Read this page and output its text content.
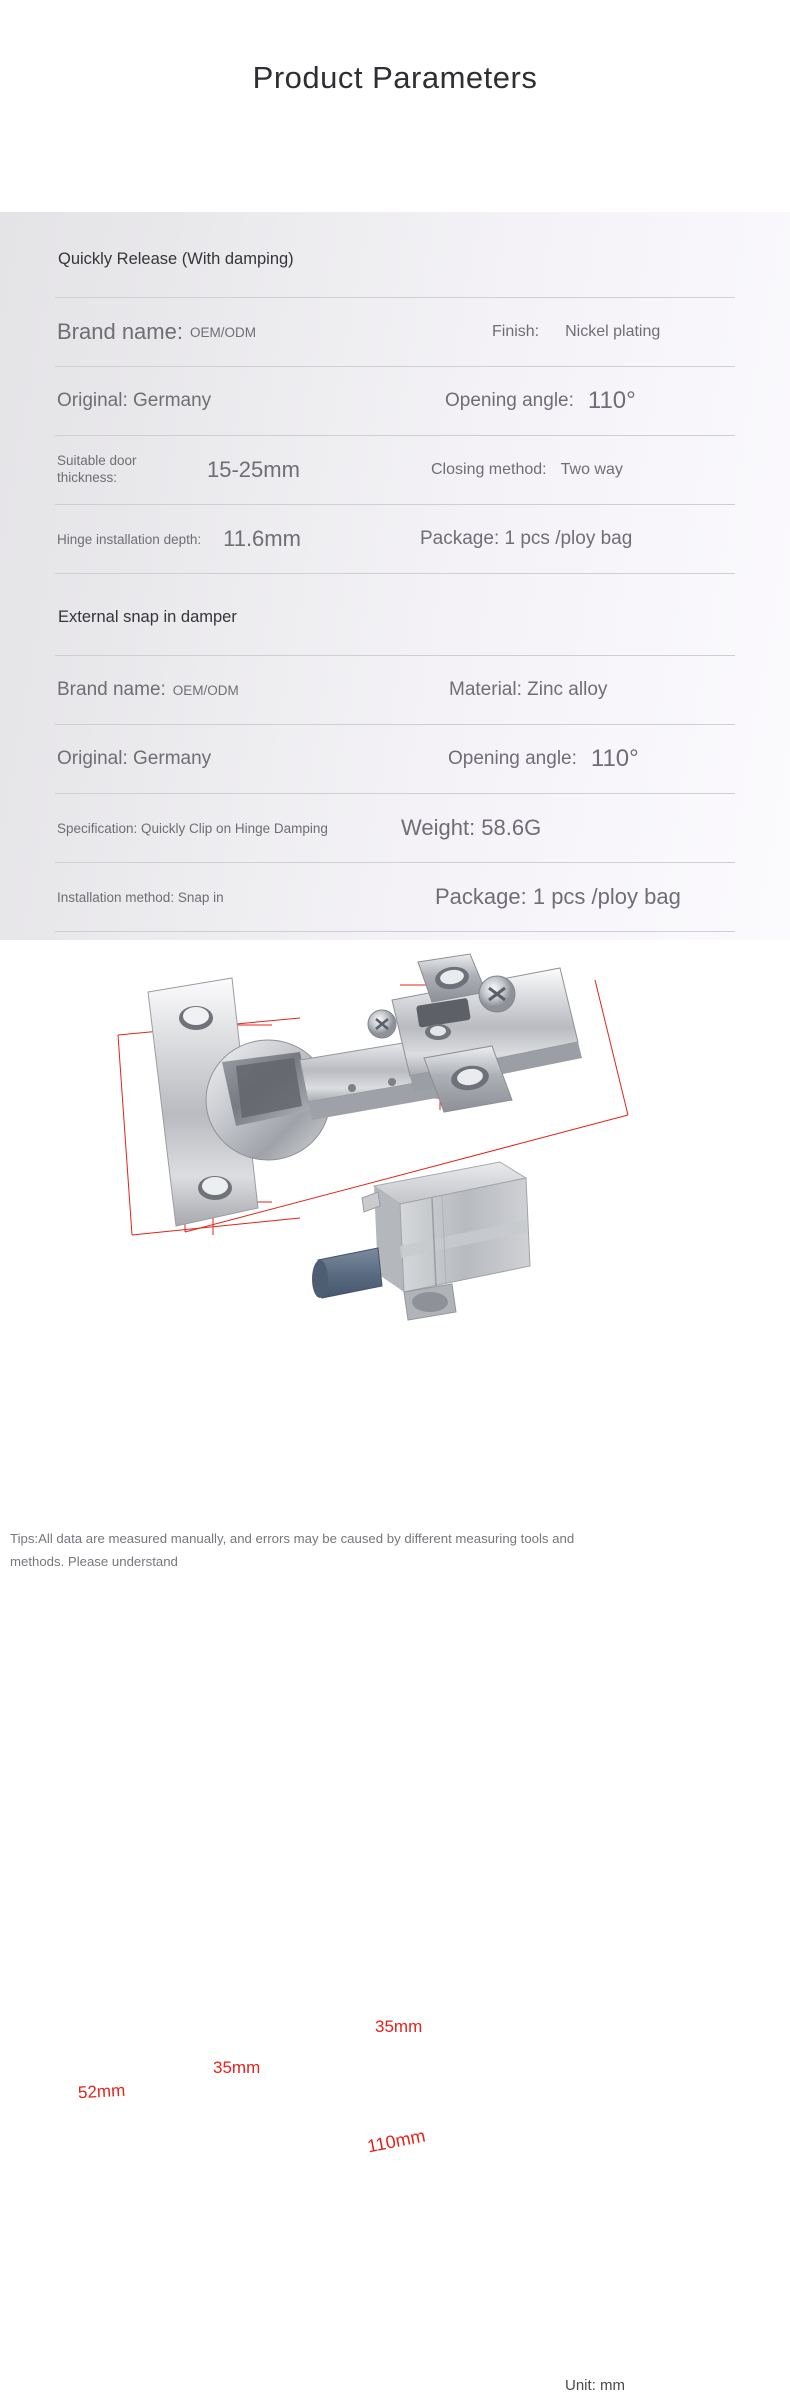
Product Parameters
Quickly Release (With damping)
Brand name: OEM/ODM	Finish: Nickel plating
Original: Germany	Opening angle: 110°
Suitable door thickness:	15-25mm	Closing method: Two way
Hinge installation depth:	11.6mm	Package: 1 pcs /ploy bag
External snap in damper
Brand name: OEM/ODM	Material: Zinc alloy
Original: Germany	Opening angle: 110°
Specification: Quickly Clip on Hinge Damping	Weight: 58.6G
Installation method: Snap in	Package: 1 pcs /ploy bag
52mm
35mm
35mm
110mm
Unit: mm
Tips:All data are measured manually, and errors may be caused by different measuring tools and methods. Please understand
